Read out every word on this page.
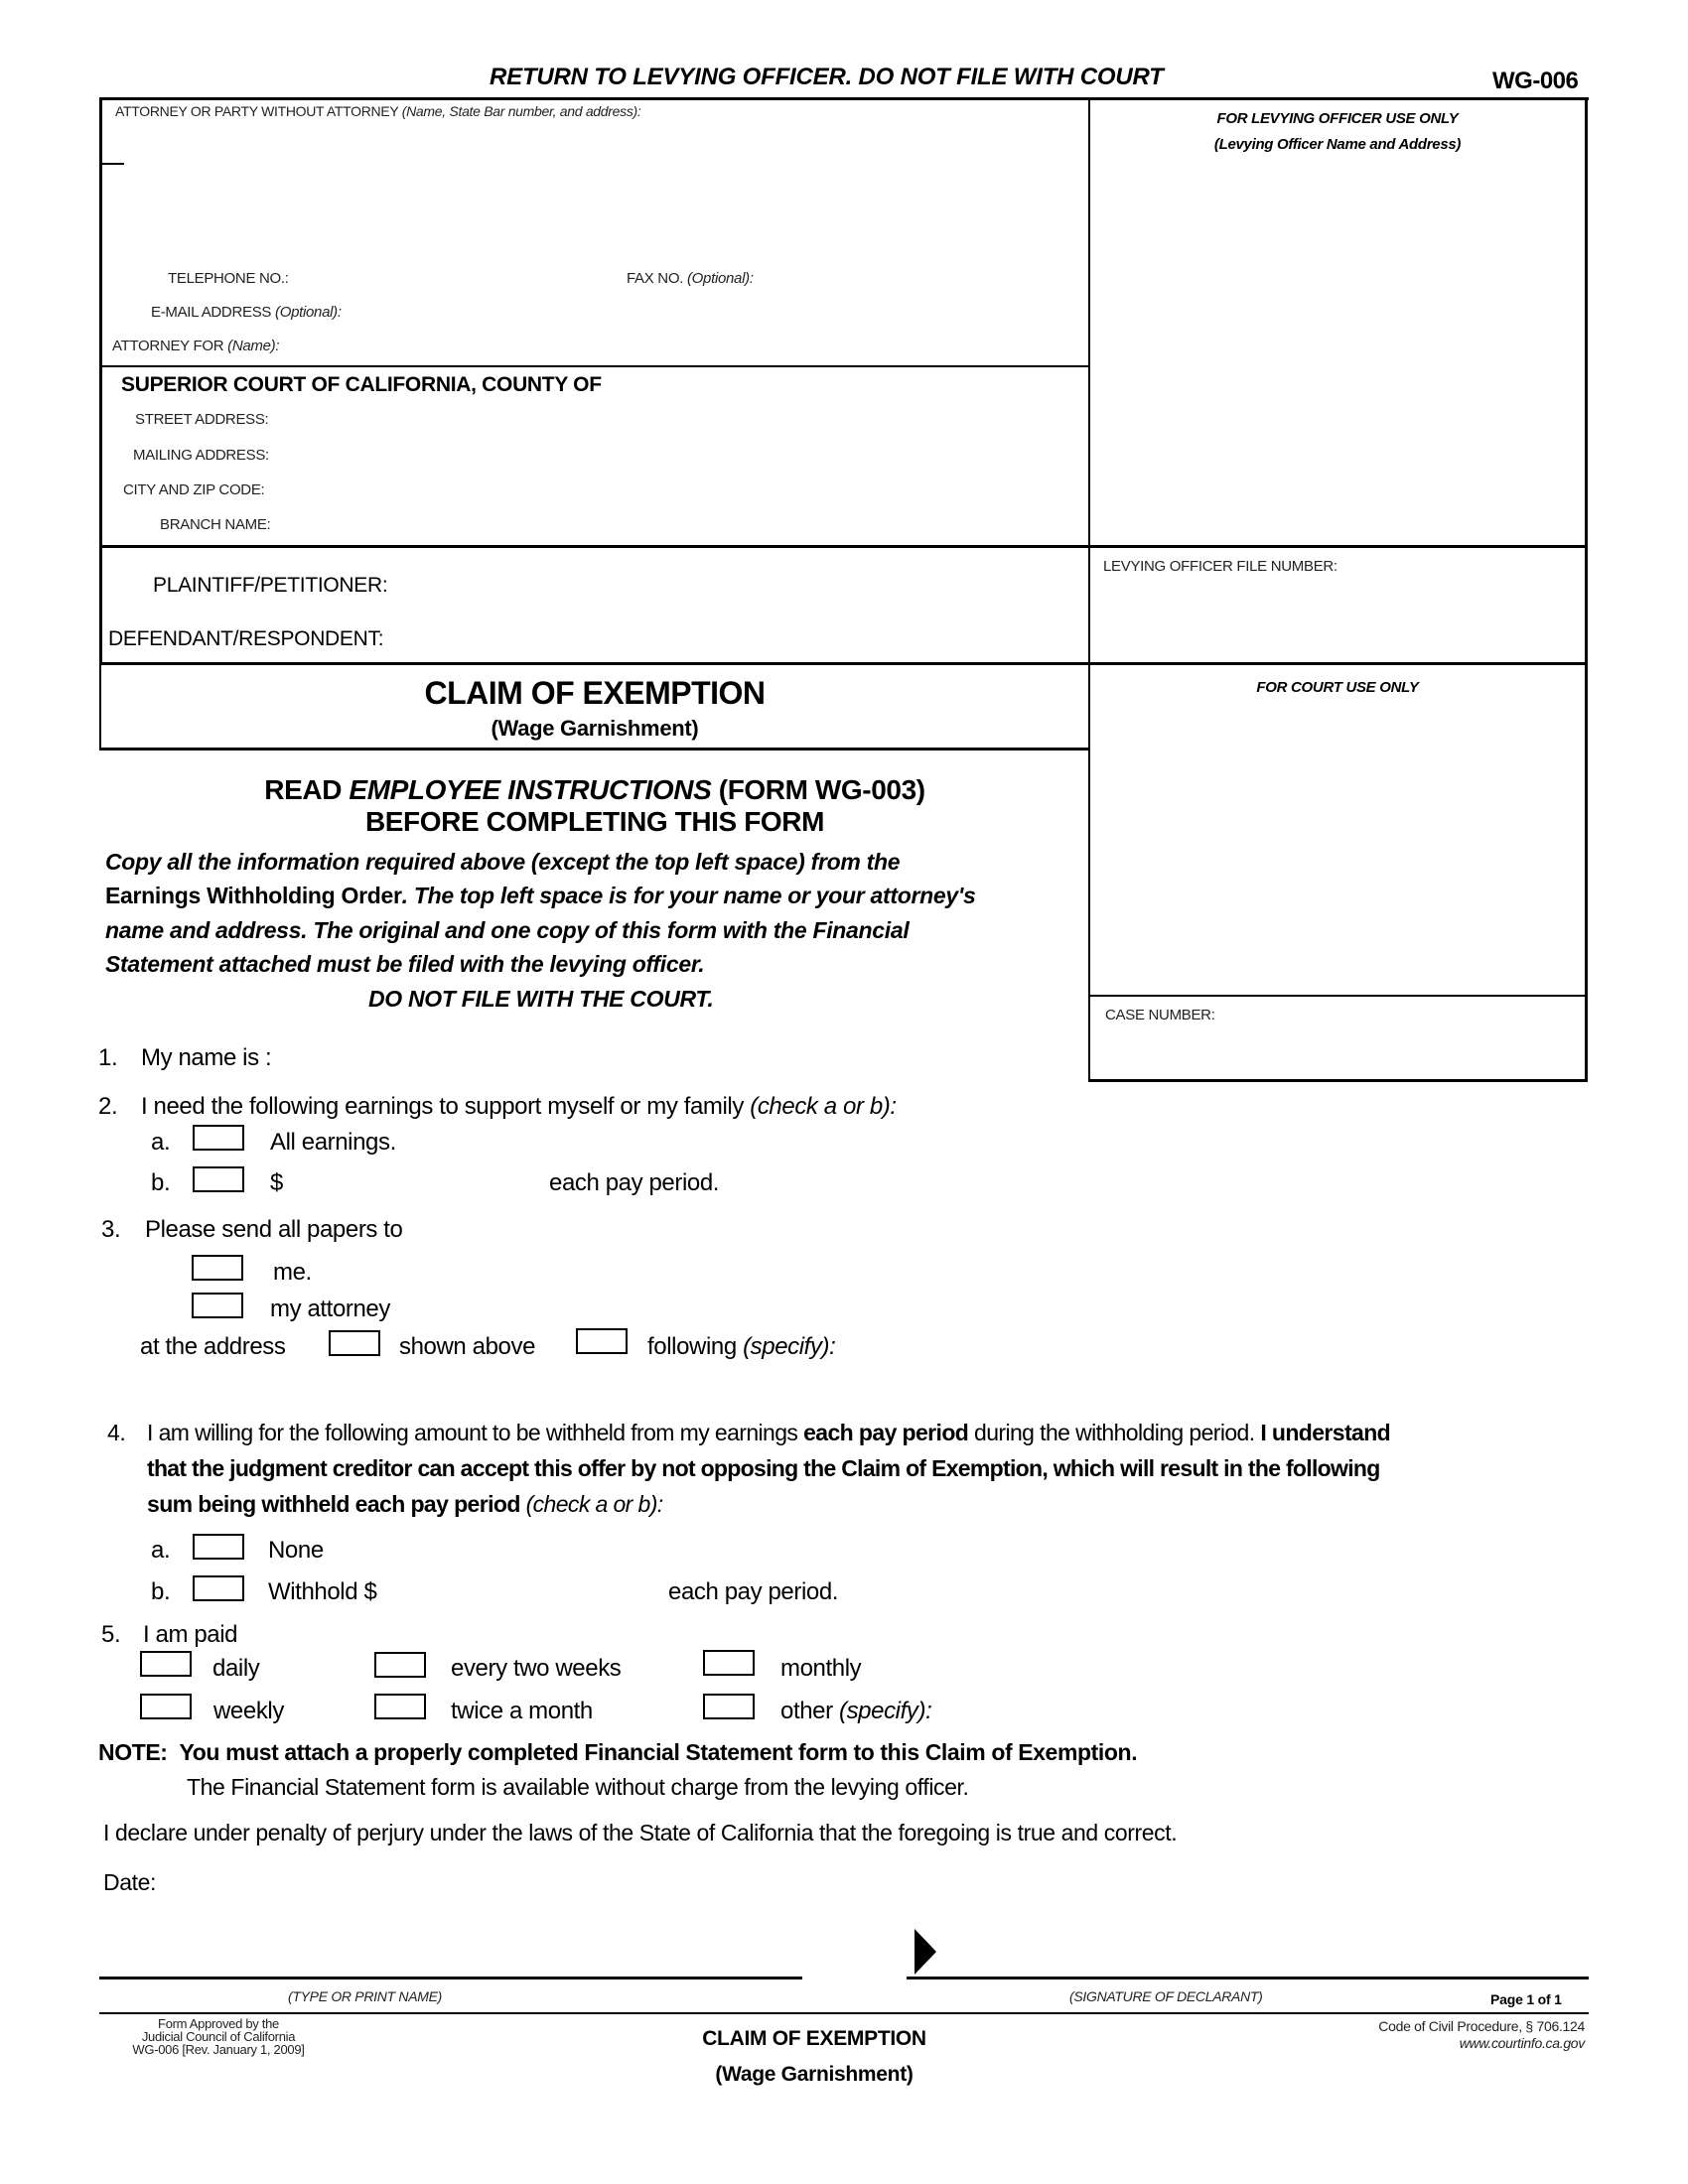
RETURN TO LEVYING OFFICER. DO NOT FILE WITH COURT	WG-006
ATTORNEY OR PARTY WITHOUT ATTORNEY (Name, State Bar number, and address):
TELEPHONE NO.:	FAX NO. (Optional):
E-MAIL ADDRESS (Optional):
ATTORNEY FOR (Name):
FOR LEVYING OFFICER USE ONLY
(Levying Officer Name and Address)
SUPERIOR COURT OF CALIFORNIA, COUNTY OF
STREET ADDRESS:
MAILING ADDRESS:
CITY AND ZIP CODE:
BRANCH NAME:
PLAINTIFF/PETITIONER:
DEFENDANT/RESPONDENT:
LEVYING OFFICER FILE NUMBER:
FOR COURT USE ONLY
CASE NUMBER:
CLAIM OF EXEMPTION
(Wage Garnishment)
READ EMPLOYEE INSTRUCTIONS (FORM WG-003)
BEFORE COMPLETING THIS FORM
Copy all the information required above (except the top left space) from the
Earnings Withholding Order. The top left space is for your name or your attorney's
name and address. The original and one copy of this form with the Financial
Statement attached must be filed with the levying officer.
DO NOT FILE WITH THE COURT.
1. My name is :
2. I need the following earnings to support myself or my family (check a or b):
a.	All earnings.
b.	$	each pay period.
3. Please send all papers to
me.
my attorney
at the address	shown above	following (specify):
4. I am willing for the following amount to be withheld from my earnings each pay period during the withholding period. I understand
that the judgment creditor can accept this offer by not opposing the Claim of Exemption, which will result in the following
sum being withheld each pay period (check a or b):
a.	None
b.	Withhold $	each pay period.
5. I am paid
daily	every two weeks	monthly
weekly	twice a month	other (specify):
NOTE: You must attach a properly completed Financial Statement form to this Claim of Exemption.
The Financial Statement form is available without charge from the levying officer.
I declare under penalty of perjury under the laws of the State of California that the foregoing is true and correct.
Date:
(TYPE OR PRINT NAME)	(SIGNATURE OF DECLARANT)	Page 1 of 1
Form Approved by the
Judicial Council of California
WG-006 [Rev. January 1, 2009]	CLAIM OF EXEMPTION
(Wage Garnishment)
Code of Civil Procedure, § 706.124
www.courtinfo.ca.gov
